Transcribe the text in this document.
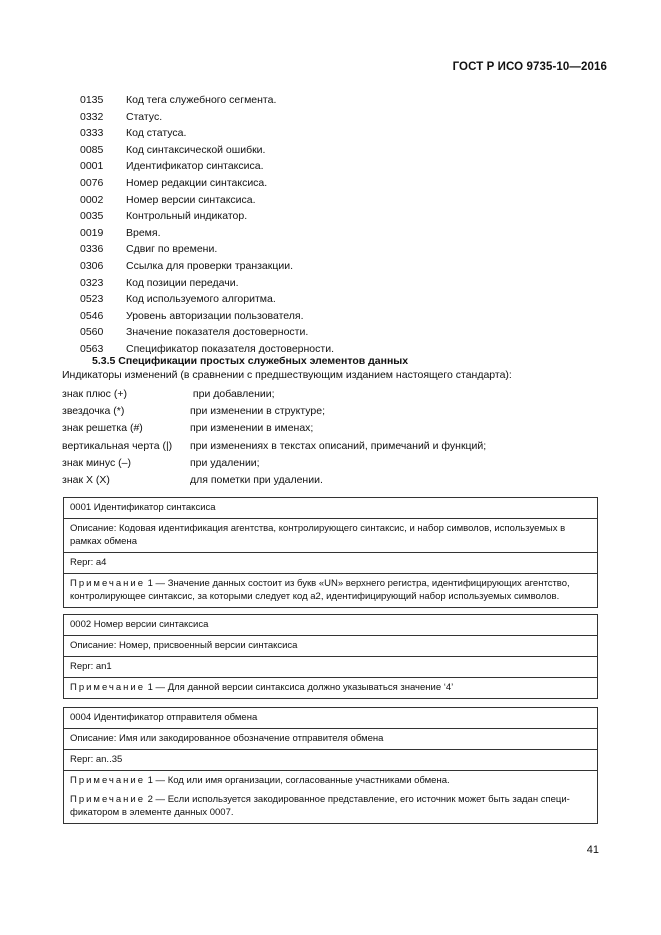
ГОСТ Р ИСО 9735-10—2016
0135 Код тега служебного сегмента.
0332 Статус.
0333 Код статуса.
0085 Код синтаксической ошибки.
0001 Идентификатор синтаксиса.
0076 Номер редакции синтаксиса.
0002 Номер версии синтаксиса.
0035 Контрольный индикатор.
0019 Время.
0336 Сдвиг по времени.
0306 Ссылка для проверки транзакции.
0323 Код позиции передачи.
0523 Код используемого алгоритма.
0546 Уровень авторизации пользователя.
0560 Значение показателя достоверности.
0563 Спецификатор показателя достоверности.
5.3.5 Спецификации простых служебных элементов данных
Индикаторы изменений (в сравнении с предшествующим изданием настоящего стандарта):
знак плюс (+)	при добавлении;
звездочка (*)	при изменении в структуре;
знак решетка (#)	при изменении в именах;
вертикальная черта (|) при изменениях в текстах описаний, примечаний и функций;
знак минус (–)	при удалении;
знак X (X)	для пометки при удалении.
0001 Идентификатор синтаксиса
Описание: Кодовая идентификация агентства, контролирующего синтаксис, и набор символов, используемых в рамках обмена
Repr: a4
Примечание 1 — Значение данных состоит из букв «UN» верхнего регистра, идентифицирующих агентство, контролирующее синтаксис, за которыми следует код a2, идентифицирующий набор используемых символов.
0002 Номер версии синтаксиса
Описание: Номер, присвоенный версии синтаксиса
Repr: an1
Примечание 1 — Для данной версии синтаксиса должно указываться значение ‘4’
0004 Идентификатор отправителя обмена
Описание: Имя или закодированное обозначение отправителя обмена
Repr: an..35
Примечание 1 — Код или имя организации, согласованные участниками обмена.
Примечание 2 — Если используется закодированное представление, его источник может быть задан специ-фикатором в элементе данных 0007.
41
